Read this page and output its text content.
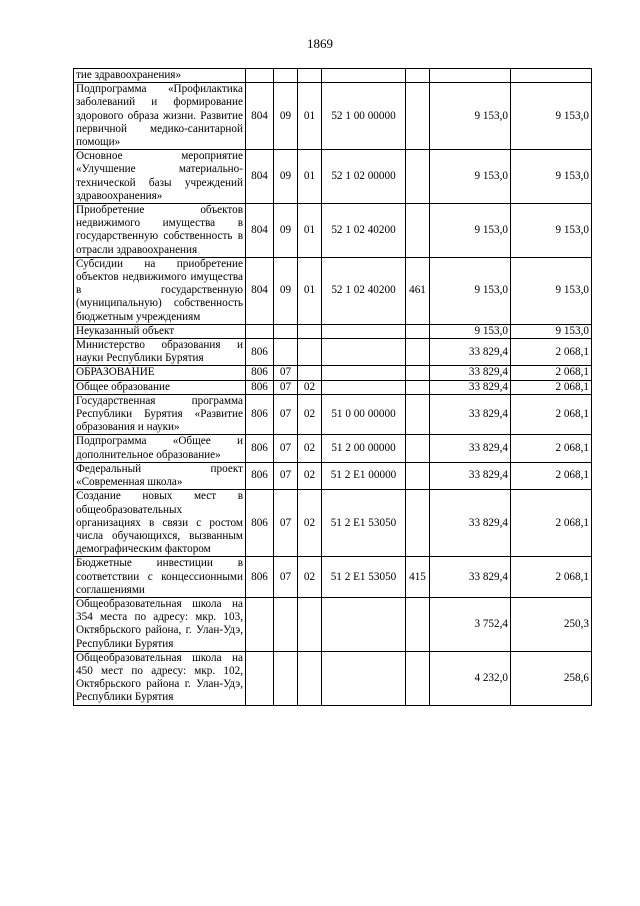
1869
тие здравоохранения»							
Подпрограмма «Профилактика заболеваний и формирование здорового образа жизни. Развитие первичной медико-санитарной помощи»	804	09	01	52 1 00 00000		9 153,0	9 153,0
Основное мероприятие «Улучшение материально-технической базы учреждений здравоохранения»	804	09	01	52 1 02 00000		9 153,0	9 153,0
Приобретение объектов недвижимого имущества в государственную собственность в отрасли здравоохранения	804	09	01	52 1 02 40200		9 153,0	9 153,0
Субсидии на приобретение объектов недвижимого имущества в государственную (муниципальную) собственность бюджетным учреждениям	804	09	01	52 1 02 40200	461	9 153,0	9 153,0
Неуказанный объект						9 153,0	9 153,0
Министерство образования и науки Республики Бурятия	806					33 829,4	2 068,1
ОБРАЗОВАНИЕ	806	07				33 829,4	2 068,1
Общее образование	806	07	02			33 829,4	2 068,1
Государственная программа Республики Бурятия «Развитие образования и науки»	806	07	02	51 0 00 00000		33 829,4	2 068,1
Подпрограмма «Общее и дополнительное образование»	806	07	02	51 2 00 00000		33 829,4	2 068,1
Федеральный проект «Современная школа»	806	07	02	51 2 E1 00000		33 829,4	2 068,1
Создание новых мест в общеобразовательных организациях в связи с ростом числа обучающихся, вызванным демографическим фактором	806	07	02	51 2 E1 53050		33 829,4	2 068,1
Бюджетные инвестиции в соответствии с концессионными соглашениями	806	07	02	51 2 E1 53050	415	33 829,4	2 068,1
Общеобразовательная школа на 354 места по адресу: мкр. 103, Октябрьского района, г. Улан-Удэ, Республики Бурятия						3 752,4	250,3
Общеобразовательная школа на 450 мест по адресу: мкр. 102, Октябрьского района г. Улан-Удэ, Республики Бурятия						4 232,0	258,6
